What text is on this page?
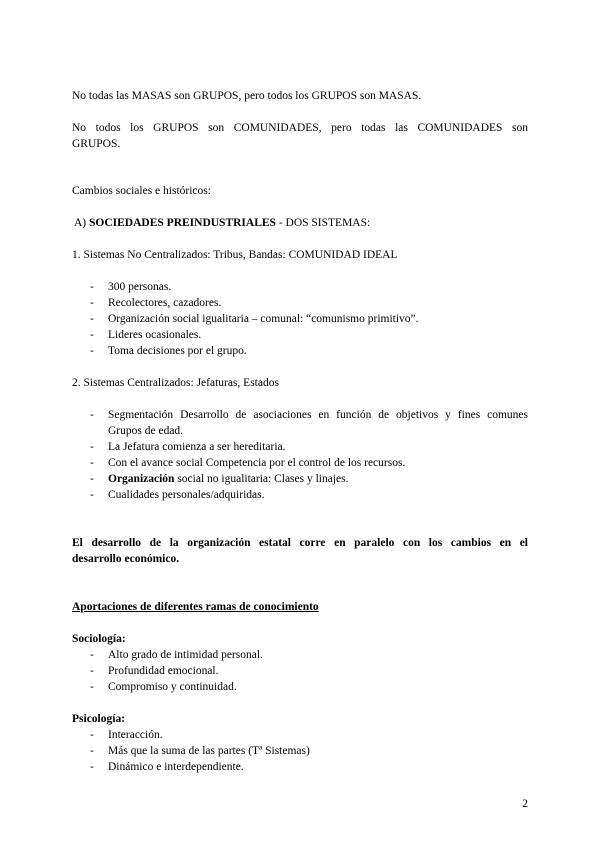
No todas las MASAS son GRUPOS, pero todos los GRUPOS son MASAS.
No todos los GRUPOS son COMUNIDADES, pero todas las COMUNIDADES son
GRUPOS.
Cambios sociales e históricos:
A) SOCIEDADES PREINDUSTRIALES - DOS SISTEMAS:
1. Sistemas No Centralizados: Tribus, Bandas: COMUNIDAD IDEAL
- 300 personas.
- Recolectores, cazadores.
- Organización social igualitaria – comunal: “comunismo primitivo”.
- Lideres ocasionales.
- Toma decisiones por el grupo.
2. Sistemas Centralizados: Jefaturas, Estados
- Segmentación Desarrollo de asociaciones en función de objetivos y fines comunes
Grupos de edad.
- La Jefatura comienza a ser hereditaria.
- Con el avance social Competencia por el control de los recursos.
- Organización social no igualitaria: Clases y linajes.
- Cualidades personales/adquiridas.
El desarrollo de la organización estatal corre en paralelo con los cambios en el
desarrollo económico.
Aportaciones de diferentes ramas de conocimiento
Sociología:
- Alto grado de intimidad personal.
- Profundidad emocional.
- Compromiso y continuidad.
Psicología:
- Interacción.
- Más que la suma de las partes (Tª Sistemas)
- Dinámico e interdependiente.
2
